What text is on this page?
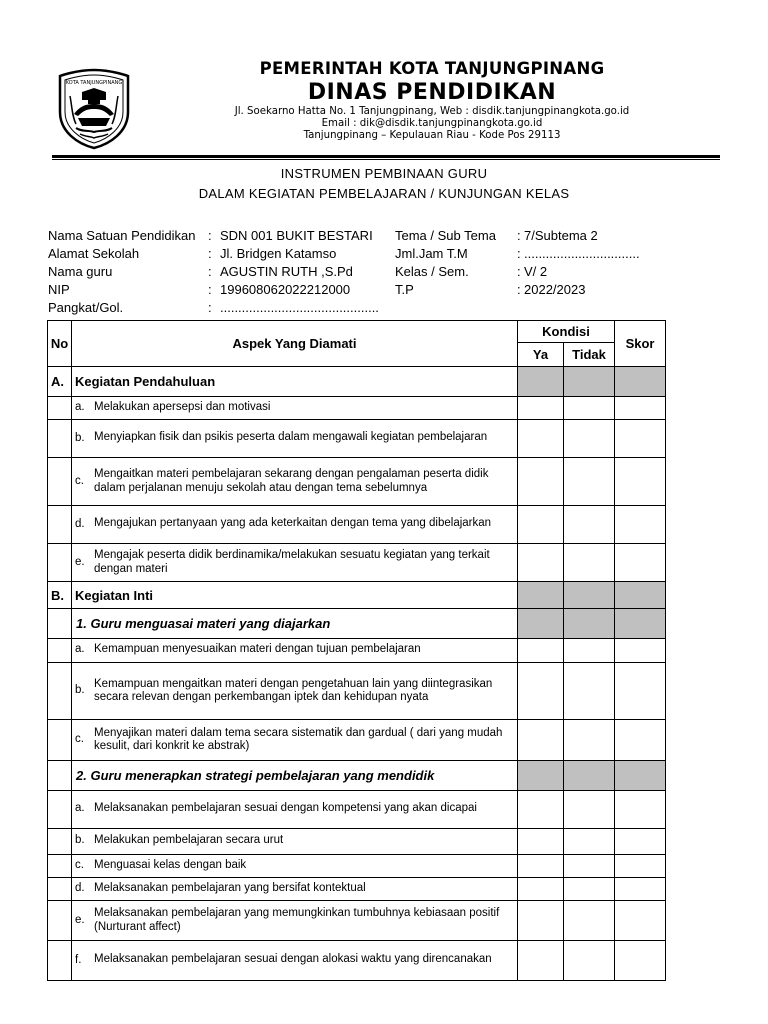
KOTA TANJUNGPINANG
PEMERINTAH KOTA TANJUNGPINANG
DINAS PENDIDIKAN
Jl. Soekarno Hatta No. 1 Tanjungpinang, Web : disdik.tanjungpinangkota.go.id
Email : dik@disdik.tanjungpinangkota.go.id
Tanjungpinang – Kepulauan Riau - Kode Pos 29113
INSTRUMEN PEMBINAAN GURU
DALAM KEGIATAN PEMBELAJARAN / KUNJUNGAN KELAS
Nama Satuan Pendidikan : SDN 001 BUKIT BESTARI Tema / Sub Tema : 7/Subtema 2
Alamat Sekolah	: Jl. Bridgen Katamso	Jml.Jam T.M	: ................................
Nama guru	: AGUSTIN RUTH ,S.Pd	Kelas / Sem.	: V/ 2
NIP	: 199608062022212000	T.P	: 2022/2023
Pangkat/Gol.	: ............................................
No	Aspek Yang Diamati	Kondisi		Skor
		Ya	Tidak	
A.	Kegiatan Pendahuluan			
	a. Melakukan apersepsi dan motivasi			
	b. Menyiapkan fisik dan psikis peserta dalam mengawali kegiatan pembelajaran			
	c.Mengaitkan materi pembelajaran sekarang dengan pengalaman peserta didik dalam perjalanan menuju sekolah atau dengan tema sebelumnya			
	d. Mengajukan pertanyaan yang ada keterkaitan dengan tema yang dibelajarkan			
	e.Mengajak peserta didik berdinamika/melakukan sesuatu kegiatan yang terkait dengan materi			
B.	Kegiatan Inti			
	1. Guru menguasai materi yang diajarkan			
	a. Kemampuan menyesuaikan materi dengan tujuan pembelajaran			
	b.Kemampuan mengaitkan materi dengan pengetahuan lain yang diintegrasikan secara relevan dengan perkembangan iptek dan kehidupan nyata			
	c.Menyajikan materi dalam tema secara sistematik dan gardual ( dari yang mudah kesulit, dari konkrit ke abstrak)			
	2. Guru menerapkan strategi pembelajaran yang mendidik			
	a. Melaksanakan pembelajaran sesuai dengan kompetensi yang akan dicapai			
	b. Melakukan pembelajaran secara urut			
	c. Menguasai kelas dengan baik			
	d. Melaksanakan pembelajaran yang bersifat kontektual			
	e.Melaksanakan pembelajaran yang memungkinkan tumbuhnya kebiasaan positif (Nurturant affect)			
	f. Melaksanakan pembelajaran sesuai dengan alokasi waktu yang direncanakan			
